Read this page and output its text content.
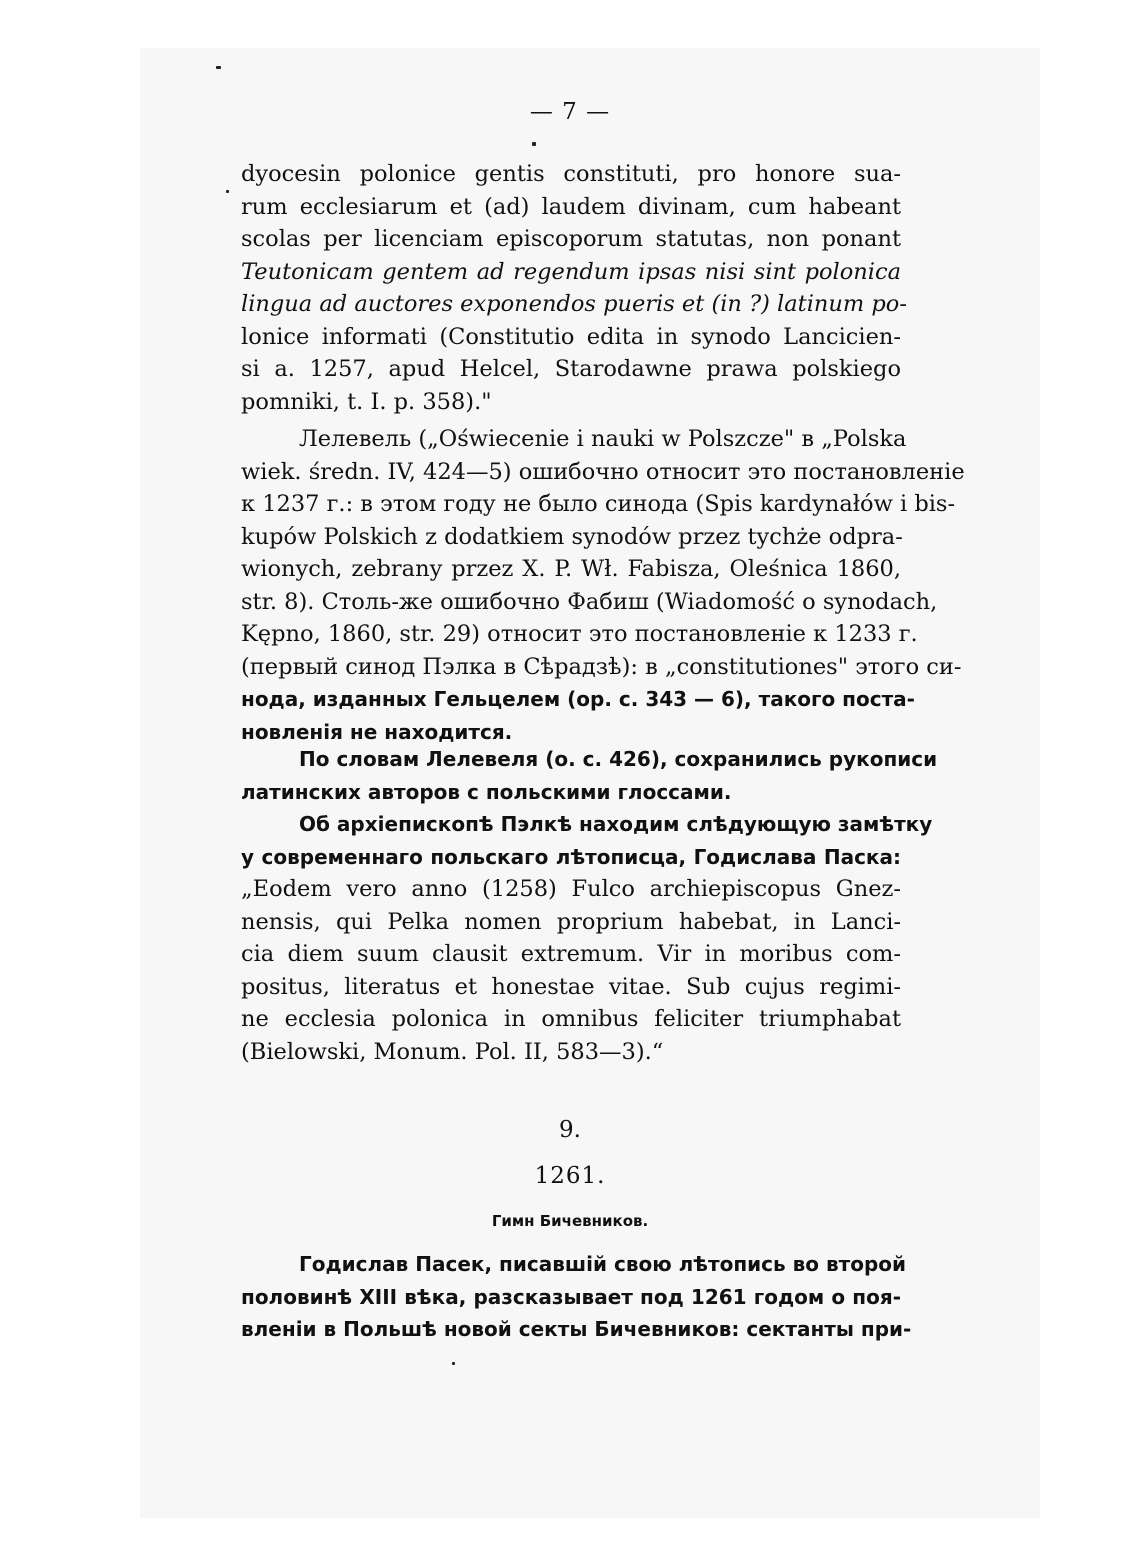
— 7 —
dyocesin polonice gentis constituti, pro honore sua-
rum ecclesiarum et (ad) laudem divinam, cum habeant
scolas per licenciam episcoporum statutas, non ponant
Teutonicam gentem ad regendum ipsas nisi sint polonica
lingua ad auctores exponendos pueris et (in ?) latinum po-
lonice informati (Constitutio edita in synodo Lancicien-
si a. 1257, apud Helcel, Starodawne prawa polskiego
pomniki, t. I. p. 358)."
Лелевель („Oświecenie i nauki w Polszcze" в „Polska
wiek. średn. IV, 424—5) ошибочно относит это постановленіе
к 1237 г.: в этом году не было синода (Spis kardynałów i bis-
kupów Polskich z dodatkiem synodów przez tychże odpra-
wionych, zebrany przez X. P. Wł. Fabisza, Oleśnica 1860,
str. 8). Столь-же ошибочно Фабиш (Wiadomość o synodach,
Kępno, 1860, str. 29) относит это постановленіе к 1233 г.
(первый синод Пэлка в Сѣрадзѣ): в „constitutiones" этого си-
нода, изданных Гельцелем (op. c. 343 — 6), такого поста-
новленія не находится.
По словам Лелевеля (o. c. 426), сохранились рукописи
латинских авторов с польскими глоссами.
Об архіепископѣ Пэлкѣ находим слѣдующую замѣтку
у современнаго польскаго лѣтописца, Годислава Паска:
„Eodem vero anno (1258) Fulco archiepiscopus Gnez-
nensis, qui Pelka nomen proprium habebat, in Lanci-
cia diem suum clausit extremum. Vir in moribus com-
positus, literatus et honestae vitae. Sub cujus regimi-
ne ecclesia polonica in omnibus feliciter triumphabat
(Bielowski, Monum. Pol. II, 583—3).“
9.
1261.
Гимн Бичевников.
Годислав Пасек, писавшій свою лѣтопись во второй
половинѣ XIII вѣка, разсказывает под 1261 годом о поя-
вленіи в Польшѣ новой секты Бичевников: сектанты при-
